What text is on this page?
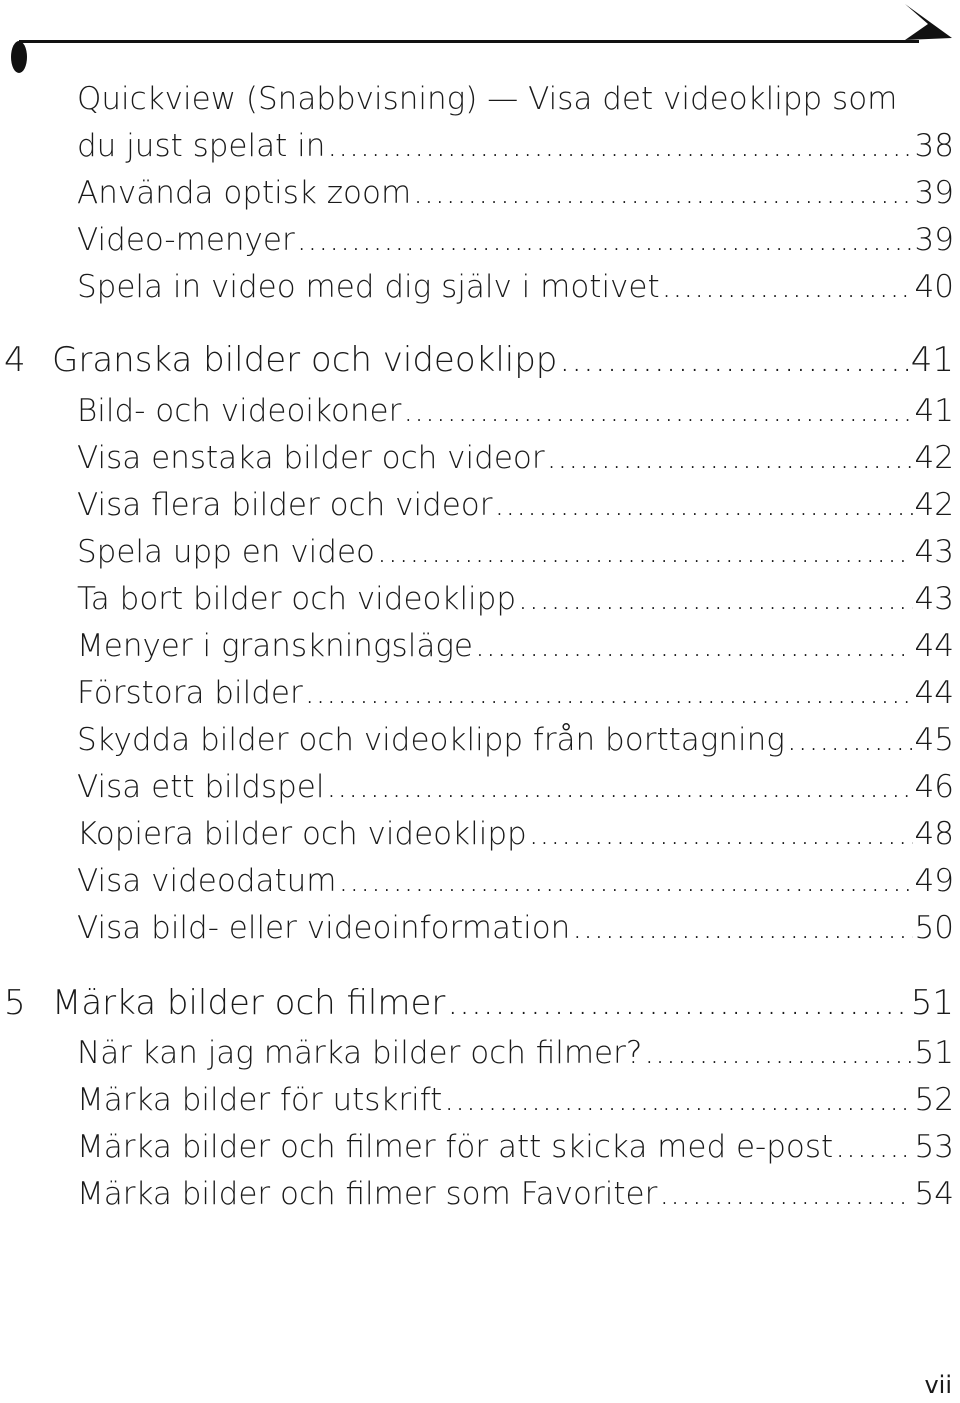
Quickview (Snabbvisning) — Visa det videoklipp som
du just spelat in .....	38
Använda optisk zoom .....	39
Video-menyer .....	39
Spela in video med dig själv i motivet .....	40
4 Granska bilder och videoklipp .....	41
Bild- och videoikoner .....	41
Visa enstaka bilder och videor .....	42
Visa flera bilder och videor .....	42
Spela upp en video .....	43
Ta bort bilder och videoklipp .....	43
Menyer i granskningsläge .....	44
Förstora bilder .....	44
Skydda bilder och videoklipp från borttagning .....	45
Visa ett bildspel .....	46
Kopiera bilder och videoklipp .....	48
Visa videodatum .....	49
Visa bild- eller videoinformation .....	50
5 Märka bilder och filmer .....	51
När kan jag märka bilder och filmer? .....	51
Märka bilder för utskrift .....	52
Märka bilder och filmer för att skicka med e-post .....	53
Märka bilder och filmer som Favoriter .....	54
vii
